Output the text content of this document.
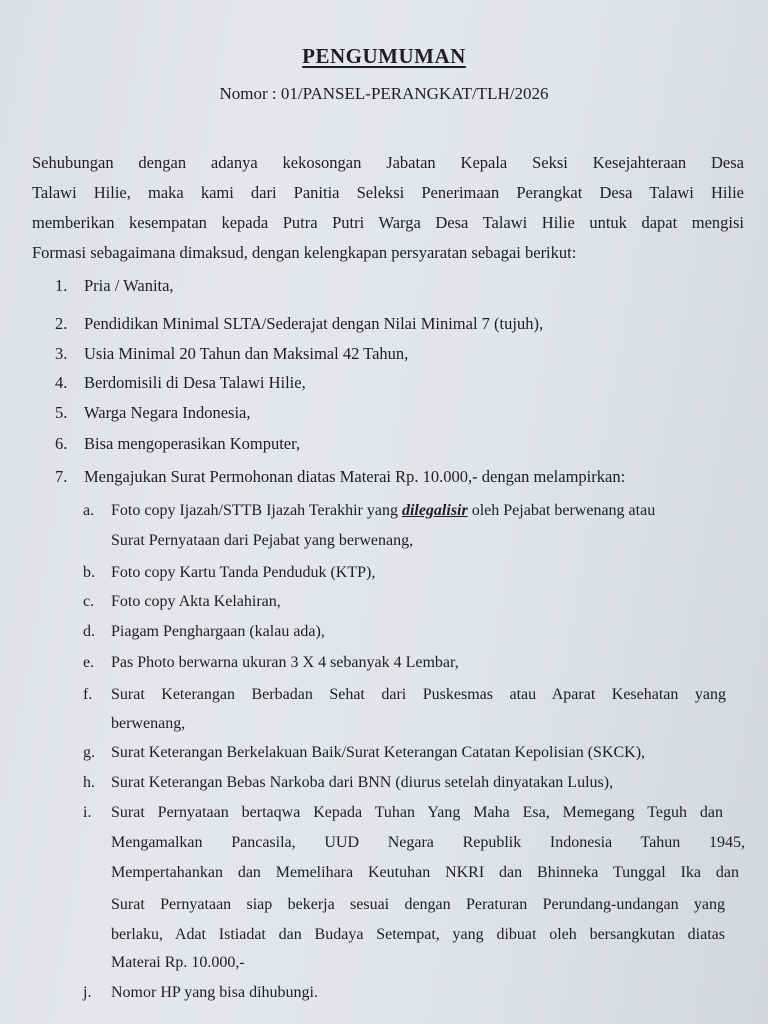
PENGUMUMAN
Nomor : 01/PANSEL-PERANGKAT/TLH/2026
Sehubungan dengan adanya kekosongan Jabatan Kepala Seksi Kesejahteraan Desa
Talawi Hilie, maka kami dari Panitia Seleksi Penerimaan Perangkat Desa Talawi Hilie
memberikan kesempatan kepada Putra Putri Warga Desa Talawi Hilie untuk dapat mengisi
Formasi sebagaimana dimaksud, dengan kelengkapan persyaratan sebagai berikut:
1. Pria / Wanita,
2. Pendidikan Minimal SLTA/Sederajat dengan Nilai Minimal 7 (tujuh),
3. Usia Minimal 20 Tahun dan Maksimal 42 Tahun,
4. Berdomisili di Desa Talawi Hilie,
5. Warga Negara Indonesia,
6. Bisa mengoperasikan Komputer,
7. Mengajukan Surat Permohonan diatas Materai Rp. 10.000,- dengan melampirkan:
a. Foto copy Ijazah/STTB Ijazah Terakhir yang dilegalisir oleh Pejabat berwenang atau
Surat Pernyataan dari Pejabat yang berwenang,
b. Foto copy Kartu Tanda Penduduk (KTP),
c. Foto copy Akta Kelahiran,
d. Piagam Penghargaan (kalau ada),
e. Pas Photo berwarna ukuran 3 X 4 sebanyak 4 Lembar,
f. Surat Keterangan Berbadan Sehat dari Puskesmas atau Aparat Kesehatan yang
berwenang,
g. Surat Keterangan Berkelakuan Baik/Surat Keterangan Catatan Kepolisian (SKCK),
h. Surat Keterangan Bebas Narkoba dari BNN (diurus setelah dinyatakan Lulus),
i. Surat Pernyataan bertaqwa Kepada Tuhan Yang Maha Esa, Memegang Teguh dan
Mengamalkan Pancasila, UUD Negara Republik Indonesia Tahun 1945,
Mempertahankan dan Memelihara Keutuhan NKRI dan Bhinneka Tunggal Ika dan
Surat Pernyataan siap bekerja sesuai dengan Peraturan Perundang-undangan yang
berlaku, Adat Istiadat dan Budaya Setempat, yang dibuat oleh bersangkutan diatas
Materai Rp. 10.000,-
j. Nomor HP yang bisa dihubungi.
